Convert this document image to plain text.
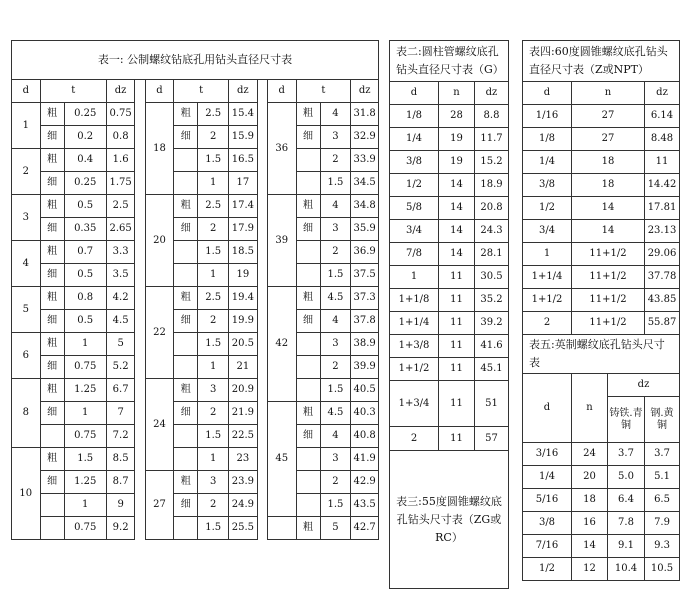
表一: 公制螺纹钻底孔用钻头直径尺寸表													
d	t		dz		d	t		dz		d	t		dz
1	粗	0.25	0.75		18	粗	2.5	15.4		36	粗	4	31.8
	细	0.2	0.8			细	2	15.9			细	3	32.9
2	粗	0.4	1.6				1.5	16.5				2	33.9
	细	0.25	1.75				1	17				1.5	34.5
3	粗	0.5	2.5		20	粗	2.5	17.4		39	粗	4	34.8
	细	0.35	2.65			细	2	17.9			细	3	35.9
4	粗	0.7	3.3				1.5	18.5				2	36.9
	细	0.5	3.5				1	19				1.5	37.5
5	粗	0.8	4.2		22	粗	2.5	19.4		42	粗	4.5	37.3
	细	0.5	4.5			细	2	19.9			细	4	37.8
6	粗	1	5				1.5	20.5				3	38.9
	细	0.75	5.2				1	21				2	39.9
8	粗	1.25	6.7		24	粗	3	20.9				1.5	40.5
	细	1	7			细	2	21.9		45	粗	4.5	40.3
		0.75	7.2				1.5	22.5			细	4	40.8
10	粗	1.5	8.5				1	23				3	41.9
	细	1.25	8.7		27	粗	3	23.9				2	42.9
		1	9			细	2	24.9				1.5	43.5
		0.75	9.2				1.5	25.5			粗	5	42.7

表二:圆柱管螺纹底孔钻头直径尺寸表（G）		
d	n	dz
1/8	28	8.8
1/4	19	11.7
3/8	19	15.2
1/2	14	18.9
5/8	14	20.8
3/4	14	24.3
7/8	14	28.1
1	11	30.5
1+1/8	11	35.2
1+1/4	11	39.2
1+3/8	11	41.6
1+1/2	11	45.1
1+3/4	11	51
2	11	57
表三:55度圆锥螺纹底孔钻头尺寸表（ZG或RC）		
表四:60度圆锥螺纹底孔钻头直径尺寸表（Z或NPT）			
d	n		dz
1/16	27		6.14
1/8	27		8.48
1/4	18		11
3/8	18		14.42
1/2	14		17.81
3/4	14		23.13
1	11+1/2		29.06
1+1/4	11+1/2		37.78
1+1/2	11+1/2		43.85
2	11+1/2		55.87
表五:英制螺纹底孔钻头尺寸表			
d	n	dz	
		铸铁.青铜	钢.黄铜
3/16	24	3.7	3.7
1/4	20	5.0	5.1
5/16	18	6.4	6.5
3/8	16	7.8	7.9
7/16	14	9.1	9.3
1/2	12	10.4	10.5
